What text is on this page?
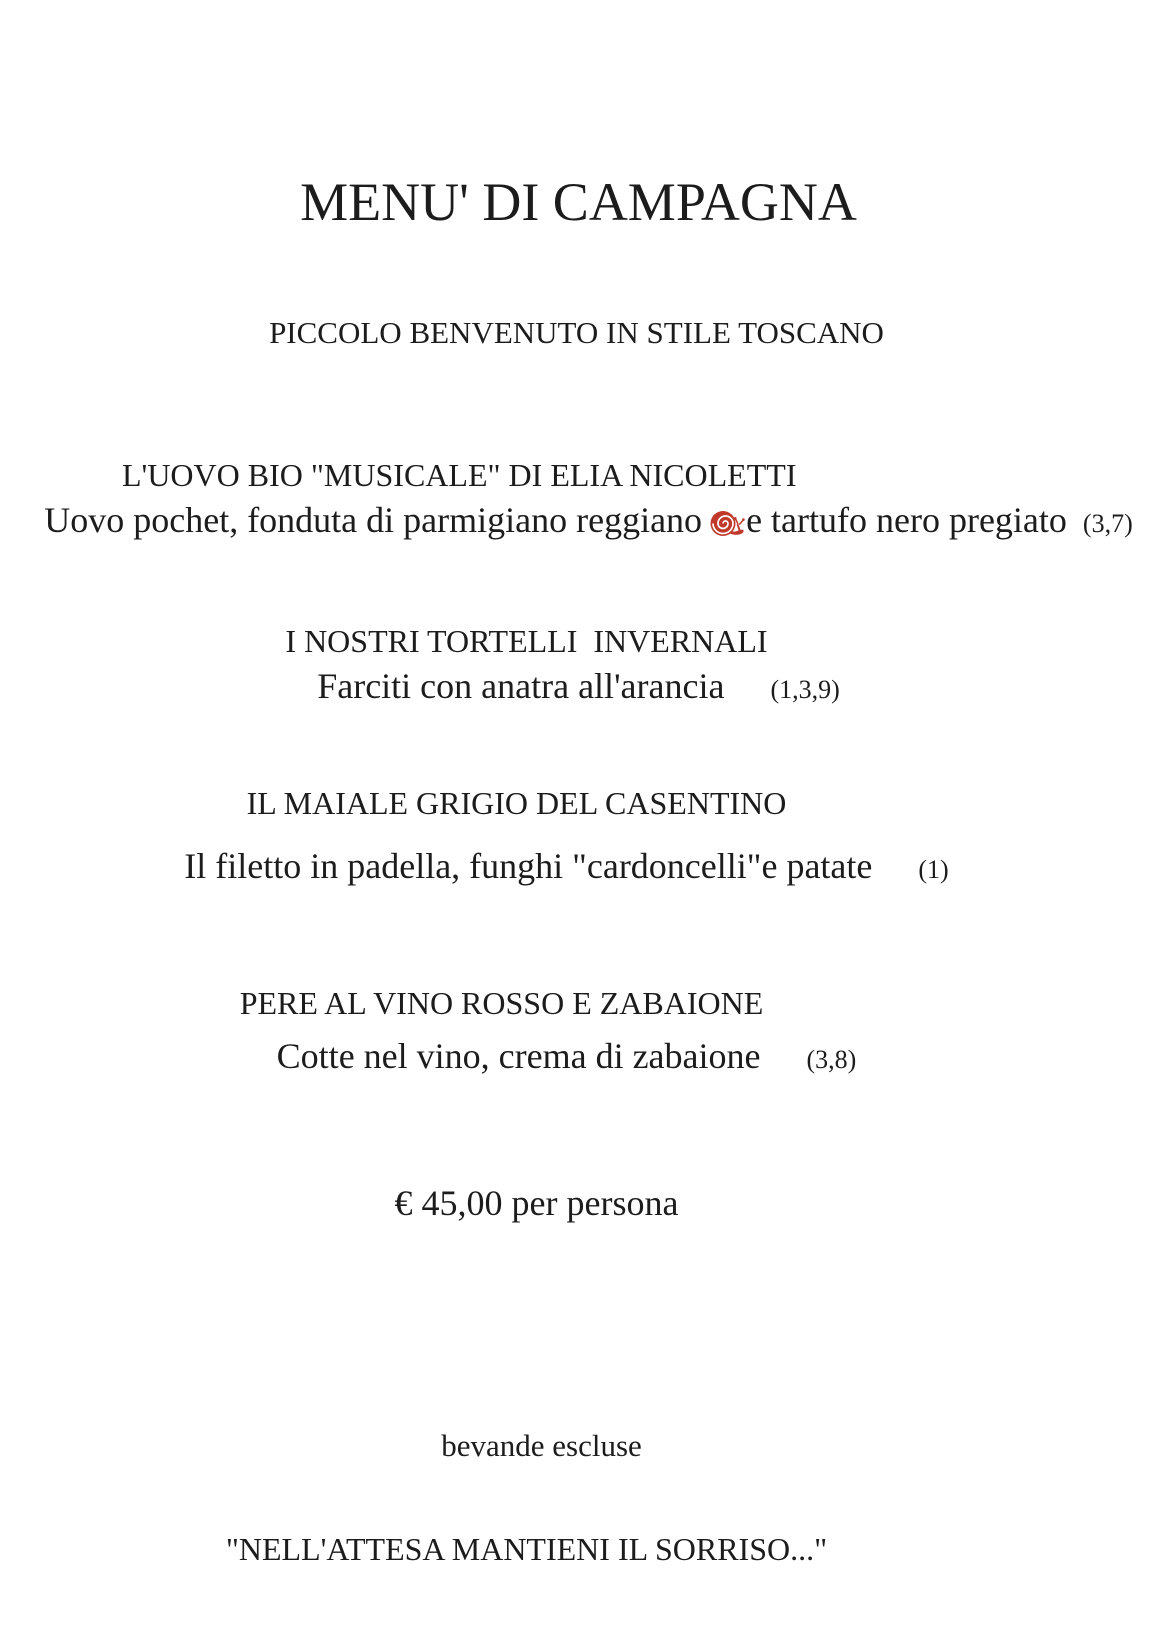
MENU' DI CAMPAGNA
PICCOLO BENVENUTO IN STILE TOSCANO
L'UOVO BIO "MUSICALE" DI ELIA NICOLETTI
Uovo pochet, fonduta di parmigiano reggiano e tartufo nero pregiato (3,7)
I NOSTRI TORTELLI  INVERNALI
Farciti con anatra all'arancia (1,3,9)
IL MAIALE GRIGIO DEL CASENTINO
Il filetto in padella, funghi "cardoncelli"e patate (1)
PERE AL VINO ROSSO E ZABAIONE
Cotte nel vino, crema di zabaione (3,8)
€ 45,00 per persona
bevande escluse
"NELL'ATTESA MANTIENI IL SORRISO..."
